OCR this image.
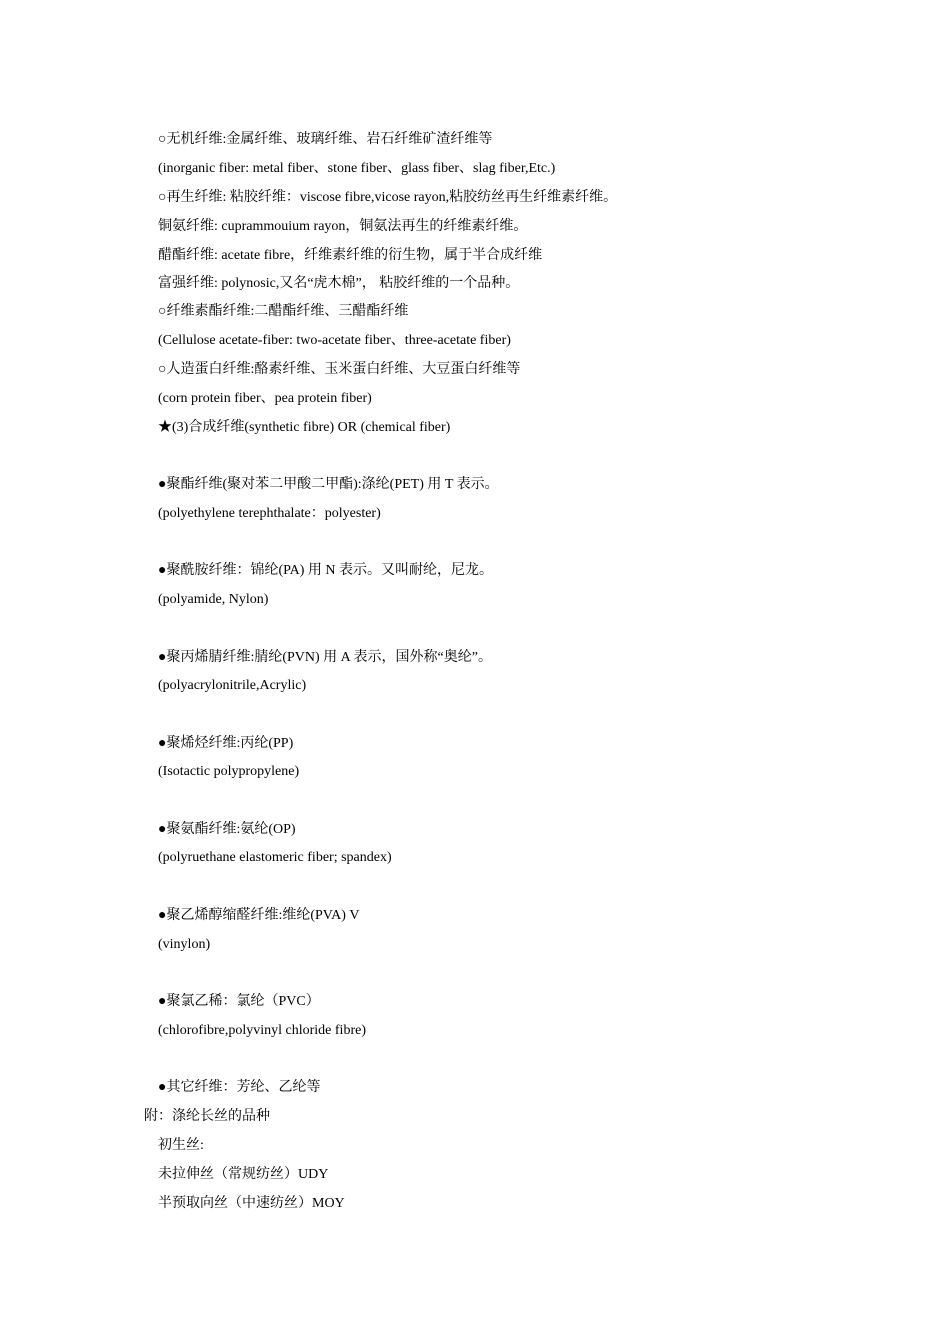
○无机纤维:金属纤维、玻璃纤维、岩石纤维矿渣纤维等
(inorganic fiber: metal fiber、stone fiber、glass fiber、slag fiber,Etc.)
○再生纤维: 粘胶纤维：viscose fibre,vicose rayon,粘胶纺丝再生纤维素纤维。
铜氨纤维: cuprammouium rayon，铜氨法再生的纤维素纤维。
醋酯纤维: acetate fibre，纤维素纤维的衍生物，属于半合成纤维
富强纤维: polynosic,又名“虎木棉”， 粘胶纤维的一个品种。
○纤维素酯纤维:二醋酯纤维、三醋酯纤维
(Cellulose acetate-fiber: two-acetate fiber、three-acetate fiber)
○人造蛋白纤维:酪素纤维、玉米蛋白纤维、大豆蛋白纤维等
(corn protein fiber、pea protein fiber)
★(3)合成纤维(synthetic fibre) OR (chemical fiber)
●聚酯纤维(聚对苯二甲酸二甲酯):涤纶(PET) 用 T 表示。
(polyethylene terephthalate：polyester)
●聚酰胺纤维：锦纶(PA) 用 N 表示。又叫耐纶，尼龙。
(polyamide, Nylon)
●聚丙烯腈纤维:腈纶(PVN) 用 A 表示，国外称“奥纶”。
(polyacrylonitrile,Acrylic)
●聚烯烃纤维:丙纶(PP)
(Isotactic polypropylene)
●聚氨酯纤维:氨纶(OP)
(polyruethane elastomeric fiber; spandex)
●聚乙烯醇缩醛纤维:维纶(PVA) V
(vinylon)
●聚氯乙稀：氯纶（PVC）
(chlorofibre,polyvinyl chloride fibre)
●其它纤维：芳纶、乙纶等
附：涤纶长丝的品种
初生丝:
未拉伸丝（常规纺丝）UDY
半预取向丝（中速纺丝）MOY
